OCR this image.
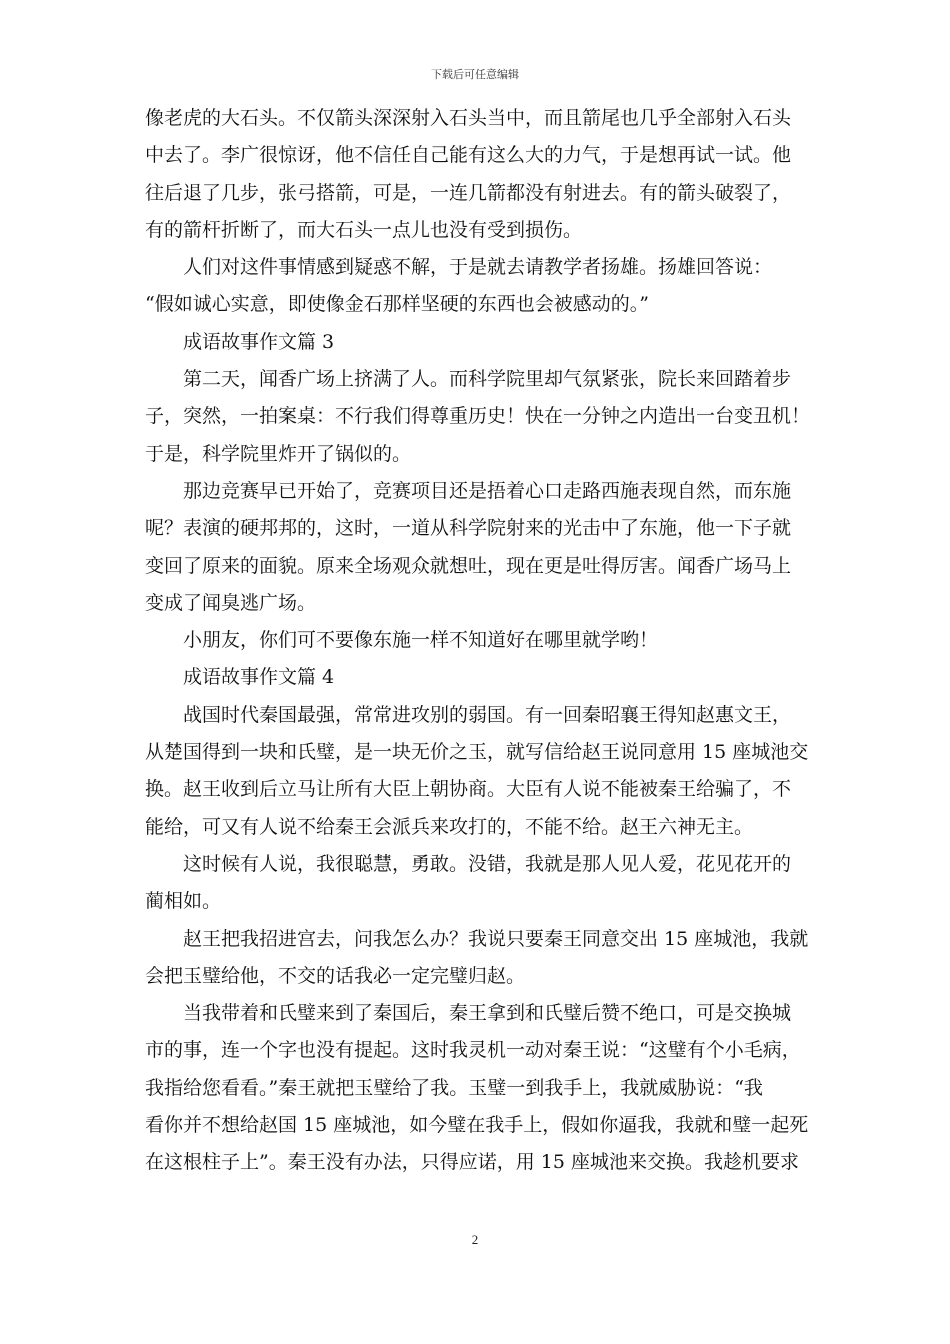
下载后可任意编辑
像老虎的大石头。不仅箭头深深射入石头当中，而且箭尾也几乎全部射入石头
中去了。李广很惊讶，他不信任自己能有这么大的力气，于是想再试一试。他
往后退了几步，张弓搭箭，可是，一连几箭都没有射进去。有的箭头破裂了，
有的箭杆折断了，而大石头一点儿也没有受到损伤。
人们对这件事情感到疑惑不解，于是就去请教学者扬雄。扬雄回答说：
“假如诚心实意，即使像金石那样坚硬的东西也会被感动的。”
成语故事作文篇 3
第二天，闻香广场上挤满了人。而科学院里却气氛紧张，院长来回踏着步
子，突然，一拍案桌：不行我们得尊重历史！快在一分钟之内造出一台变丑机！
于是，科学院里炸开了锅似的。
那边竞赛早已开始了，竞赛项目还是捂着心口走路西施表现自然，而东施
呢？表演的硬邦邦的，这时，一道从科学院射来的光击中了东施，他一下子就
变回了原来的面貌。原来全场观众就想吐，现在更是吐得厉害。闻香广场马上
变成了闻臭逃广场。
小朋友，你们可不要像东施一样不知道好在哪里就学哟！
成语故事作文篇 4
战国时代秦国最强，常常进攻别的弱国。有一回秦昭襄王得知赵惠文王，
从楚国得到一块和氏璧，是一块无价之玉，就写信给赵王说同意用 15 座城池交
换。赵王收到后立马让所有大臣上朝协商。大臣有人说不能被秦王给骗了，不
能给，可又有人说不给秦王会派兵来攻打的，不能不给。赵王六神无主。
这时候有人说，我很聪慧，勇敢。没错，我就是那人见人爱，花见花开的
蔺相如。
赵王把我招进宫去，问我怎么办？我说只要秦王同意交出 15 座城池，我就
会把玉璧给他，不交的话我必一定完璧归赵。
当我带着和氏璧来到了秦国后，秦王拿到和氏璧后赞不绝口，可是交换城
市的事，连一个字也没有提起。这时我灵机一动对秦王说：“这璧有个小毛病，
我指给您看看。”秦王就把玉璧给了我。玉璧一到我手上，我就威胁说：“我
看你并不想给赵国 15 座城池，如今璧在我手上，假如你逼我，我就和璧一起死
在这根柱子上”。秦王没有办法，只得应诺，用 15 座城池来交换。我趁机要求
2
